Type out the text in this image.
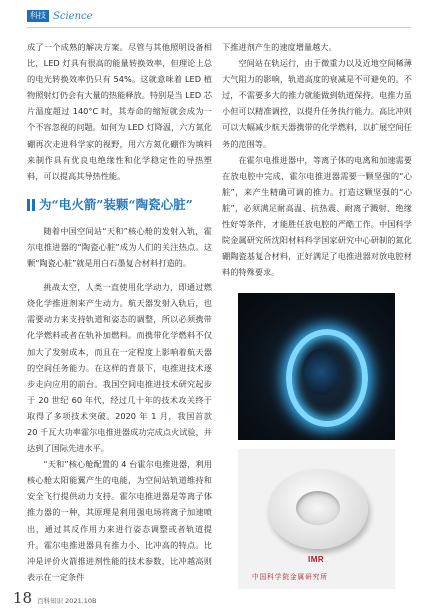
科技 Science

成了一个成熟的解决方案。尽管与其他照明设备相比，LED 灯具有很高的能量转换效率，但理论上总的电光转换效率仍只有 54%。这就意味着 LED 植物照射灯仍会有大量的热能释放。特别是当 LED 芯片温度超过 140°C 时，其寿命的缩短就会成为一个不容忽视的问题。如何为 LED 灯降温，六方氮化硼再次走进科学家的视野，用六方氮化硼作为填料来制作具有优良电绝缘性和化学稳定性的导热塑料，可以提高其导热性能。

为“电火箭”装颗“陶瓷心脏”

随着中国空间站“天和”核心舱的发射入轨，霍尔电推进器的“陶瓷心脏”成为人们的关注热点。这颗“陶瓷心脏”就是用白石墨复合材料打造的。

挑战太空，人类一直使用化学动力，即通过燃烧化学推进剂来产生动力。航天器发射入轨后，也需要动力来支持轨道和姿态的调整，所以必须携带化学燃料或者在轨补加燃料。而携带化学燃料不仅加大了发射成本，而且在一定程度上影响着航天器的空间任务能力。在这样的背景下，电推进技术逐步走向应用的前台。我国空间电推进技术研究起步于 20 世纪 60 年代，经过几十年的技术攻关终于取得了多项技术突破。2020 年 1 月，我国首款 20 千瓦大功率霍尔电推进器成功完成点火试验，并达到了国际先进水平。

“天和”核心舱配置的 4 台霍尔电推进器，利用核心舱太阳能翼产生的电能，为空间站轨道维持和安全飞行提供动力支持。霍尔电推进器是等离子体推力器的一种，其原理是利用强电场将离子加速喷出，通过其反作用力来进行姿态调整或者轨道提升。霍尔电推进器具有推力小、比冲高的特点。比冲是评价火箭推进剂性能的技术参数，比冲越高则表示在一定条件

下推进剂产生的速度增量越大。

空间站在轨运行，由于微重力以及近地空间稀薄大气阻力的影响，轨道高度的衰减是不可避免的。不过，不需要多大的推力就能做到轨道保持。电推力虽小但可以精准调控，以提升任务执行能力。高比冲则可以大幅减少航天器携带的化学燃料，以扩展空间任务的范围等。

在霍尔电推进器中，等离子体的电离和加速需要在放电腔中完成，霍尔电推进器需要一颗坚强的“心脏”，来产生精确可调的推力。打造这颗坚强的“心脏”，必须满足耐高温、抗热震、耐离子溅射、绝缘性好等条件，才能胜任放电腔的严酷工作。中国科学院金属研究所沈阳材料科学国家研究中心研制的氮化硼陶瓷基复合材料，正好满足了电推进器对放电腔材料的特殊要求。

IMR
中国科学院金属研究所
18 百科知识 2021.10B
